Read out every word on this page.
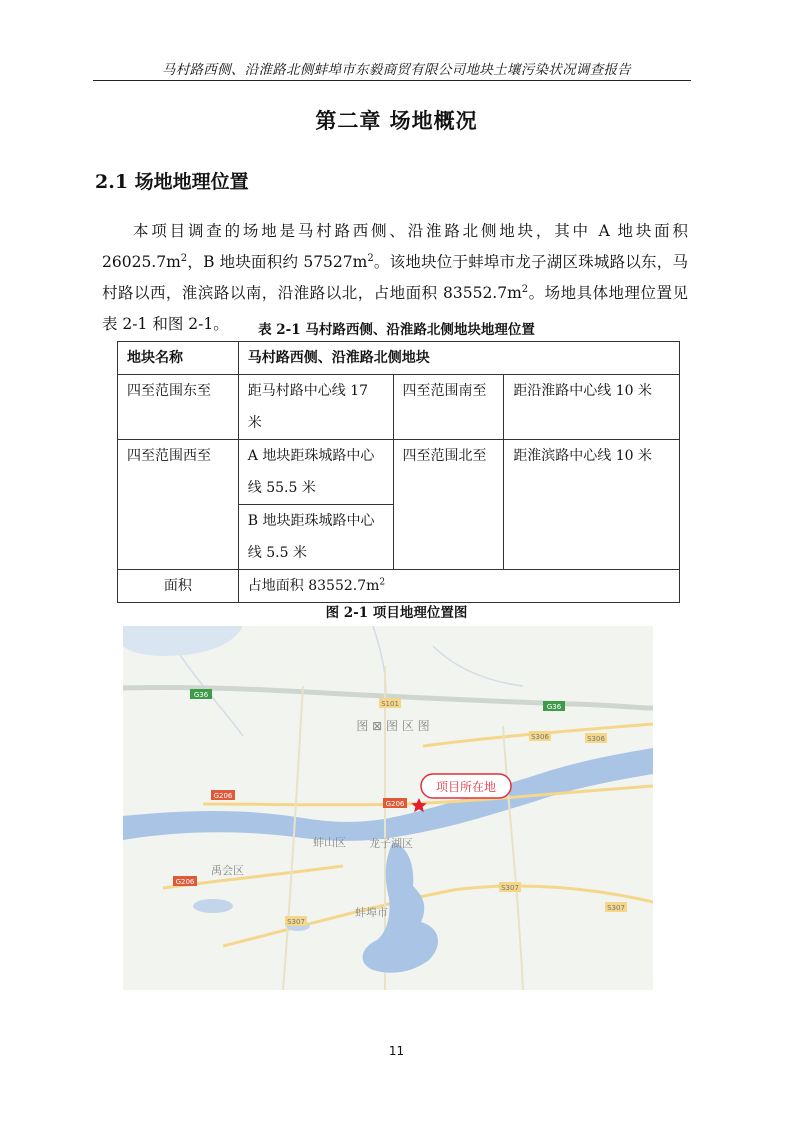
马村路西侧、沿淮路北侧蚌埠市东毅商贸有限公司地块土壤污染状况调查报告
第二章 场地概况
2.1 场地地理位置
本项目调查的场地是马村路西侧、沿淮路北侧地块，其中 A 地块面积 $26025.7m^2$，B 地块面积约 $57527m^2$。该地块位于蚌埠市龙子湖区珠城路以东，马村路以西，淮滨路以南，沿淮路以北，占地面积 $83552.7m^2$。场地具体地理位置见表 2-1 和图 2-1。	表 2-1 马村路西侧、沿淮路北侧地块地理位置
地块名称	马村路西侧、沿淮路北侧地块		
四至范围东至	距马村路中心线 17 米	四至范围南至	距沿淮路中心线 10 米
四至范围西至	A 地块距珠城路中心线 55.5 米	四至范围北至	距淮滨路中心线 10 米
	B 地块距珠城路中心线 5.5 米		
面积	占地面积 $83552.7m^2$
图 2-1 项目地理位置图
G36
G36
S101
S306	S306
G206
G206
G206
S307
S307
S307
图 ⊠ 图 区 图
蚌山区 龙子湖区
禹会区
蚌埠市
项目所在地
11
